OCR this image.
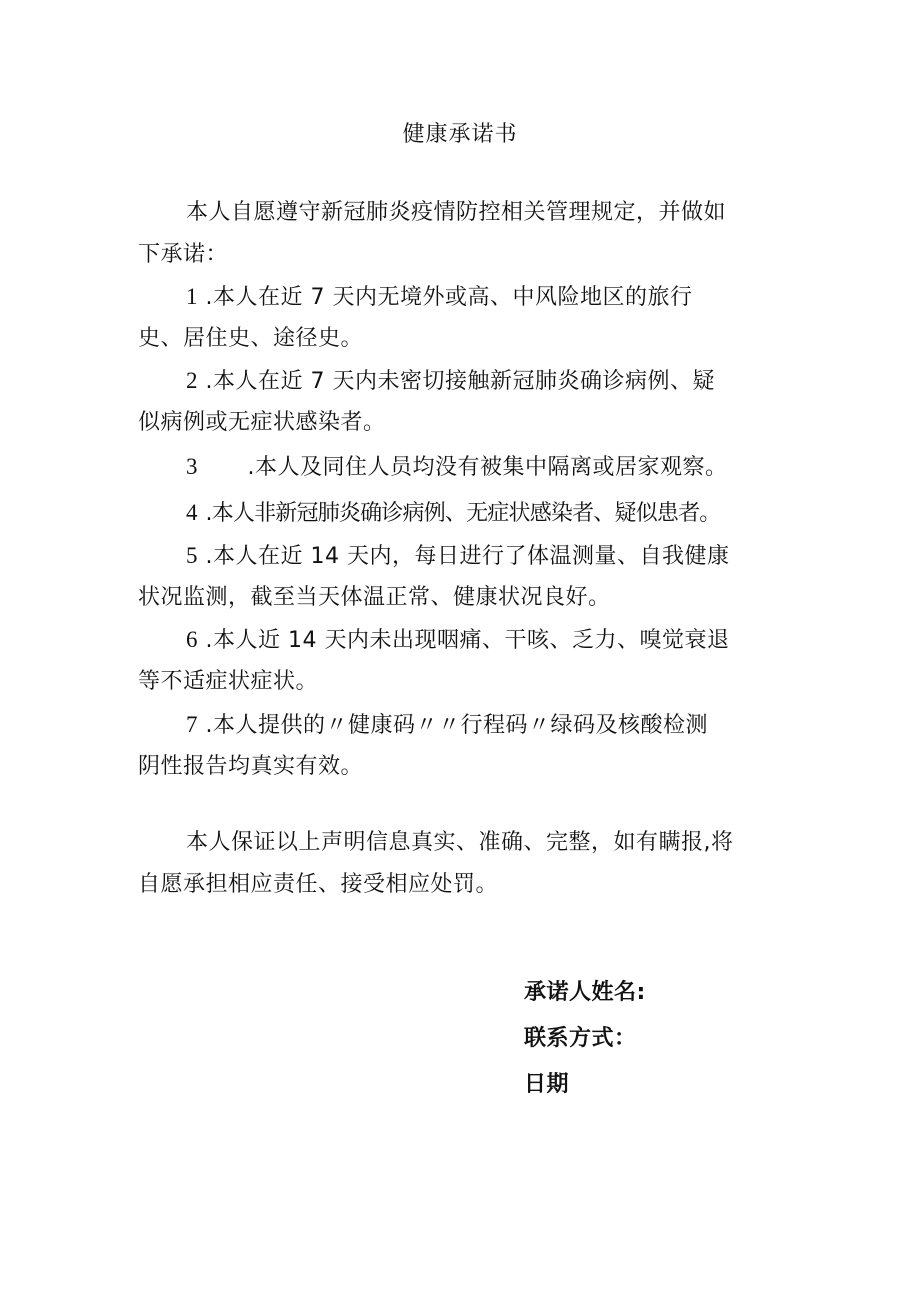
健康承诺书
本人自愿遵守新冠肺炎疫情防控相关管理规定，并做如
下承诺：
1 .本人在近 7 天内无境外或高、中风险地区的旅行
史、居住史、途径史。
2 .本人在近 7 天内未密切接触新冠肺炎确诊病例、疑
似病例或无症状感染者。
3 .本人及同住人员均没有被集中隔离或居家观察。
4 .本人非新冠肺炎确诊病例、无症状感染者、疑似患者。
5 .本人在近 14 天内，每日进行了体温测量、自我健康
状况监测，截至当天体温正常、健康状况良好。
6 .本人近 14 天内未出现咽痛、干咳、乏力、嗅觉衰退
等不适症状症状。
7 .本人提供的〃健康码〃〃行程码〃绿码及核酸检测
阴性报告均真实有效。
本人保证以上声明信息真实、准确、完整，如有瞒报,将
自愿承担相应责任、接受相应处罚。
承诺人姓名:
联系方式：
日期
